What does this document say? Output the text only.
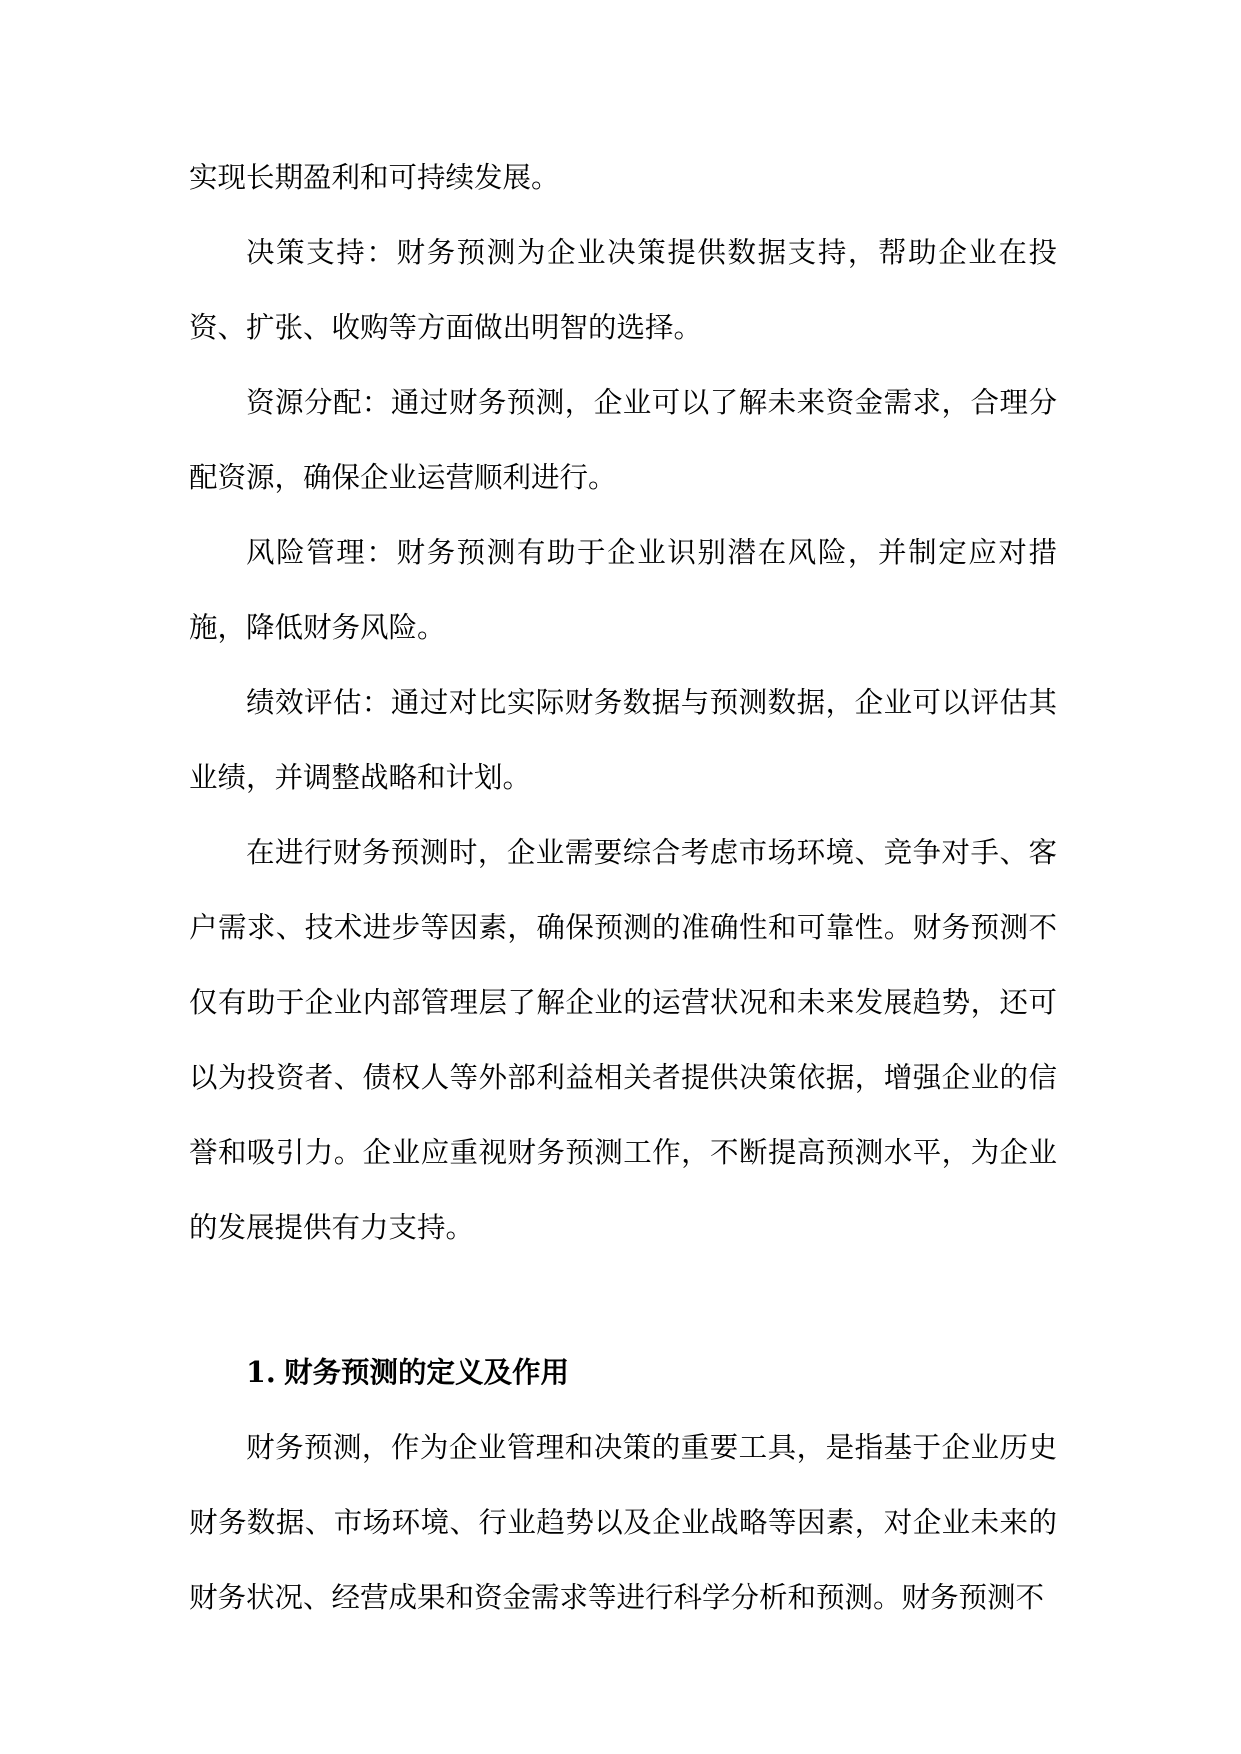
实现长期盈利和可持续发展。

决策支持：财务预测为企业决策提供数据支持，帮助企业在投资、扩张、收购等方面做出明智的选择。

资源分配：通过财务预测，企业可以了解未来资金需求，合理分配资源，确保企业运营顺利进行。

风险管理：财务预测有助于企业识别潜在风险，并制定应对措施，降低财务风险。

绩效评估：通过对比实际财务数据与预测数据，企业可以评估其业绩，并调整战略和计划。

在进行财务预测时，企业需要综合考虑市场环境、竞争对手、客户需求、技术进步等因素，确保预测的准确性和可靠性。财务预测不仅有助于企业内部管理层了解企业的运营状况和未来发展趋势，还可以为投资者、债权人等外部利益相关者提供决策依据，增强企业的信誉和吸引力。企业应重视财务预测工作，不断提高预测水平，为企业的发展提供有力支持。

1. 财务预测的定义及作用

财务预测，作为企业管理和决策的重要工具，是指基于企业历史财务数据、市场环境、行业趋势以及企业战略等因素，对企业未来的财务状况、经营成果和资金需求等进行科学分析和预测。财务预测不
